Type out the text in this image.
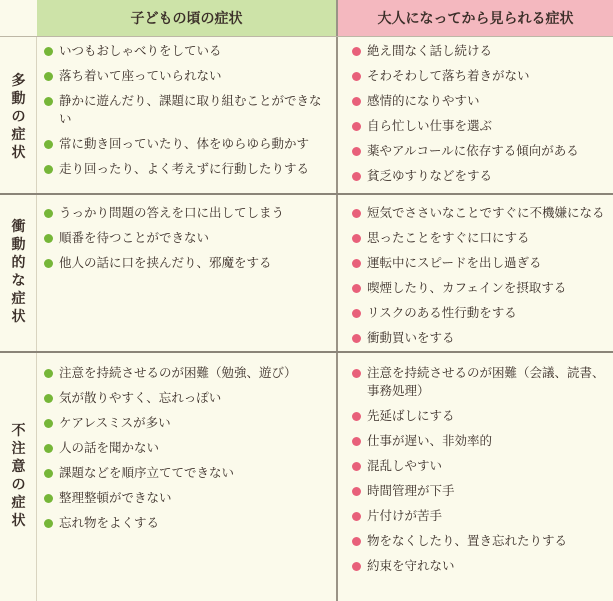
子どもの頃の症状	大人になってから見られる症状
多
動
の
症
状
いつもおしゃべりをしている
落ち着いて座っていられない
静かに遊んだり、課題に取り組むことができない
常に動き回っていたり、体をゆらゆら動かす
走り回ったり、よく考えずに行動したりする
絶え間なく話し続ける
そわそわして落ち着きがない
感情的になりやすい
自ら忙しい仕事を選ぶ
薬やアルコールに依存する傾向がある
貧乏ゆすりなどをする
衝
動
的
な
症
状
うっかり問題の答えを口に出してしまう
順番を待つことができない
他人の話に口を挟んだり、邪魔をする
短気でささいなことですぐに不機嫌になる
思ったことをすぐに口にする
運転中にスピードを出し過ぎる
喫煙したり、カフェインを摂取する
リスクのある性行動をする
衝動買いをする
不
注
意
の
症
状
注意を持続させるのが困難（勉強、遊び）
気が散りやすく、忘れっぽい
ケアレスミスが多い
人の話を聞かない
課題などを順序立ててできない
整理整頓ができない
忘れ物をよくする
注意を持続させるのが困難（会議、読書、事務処理）
先延ばしにする
仕事が遅い、非効率的
混乱しやすい
時間管理が下手
片付けが苦手
物をなくしたり、置き忘れたりする
約束を守れない
